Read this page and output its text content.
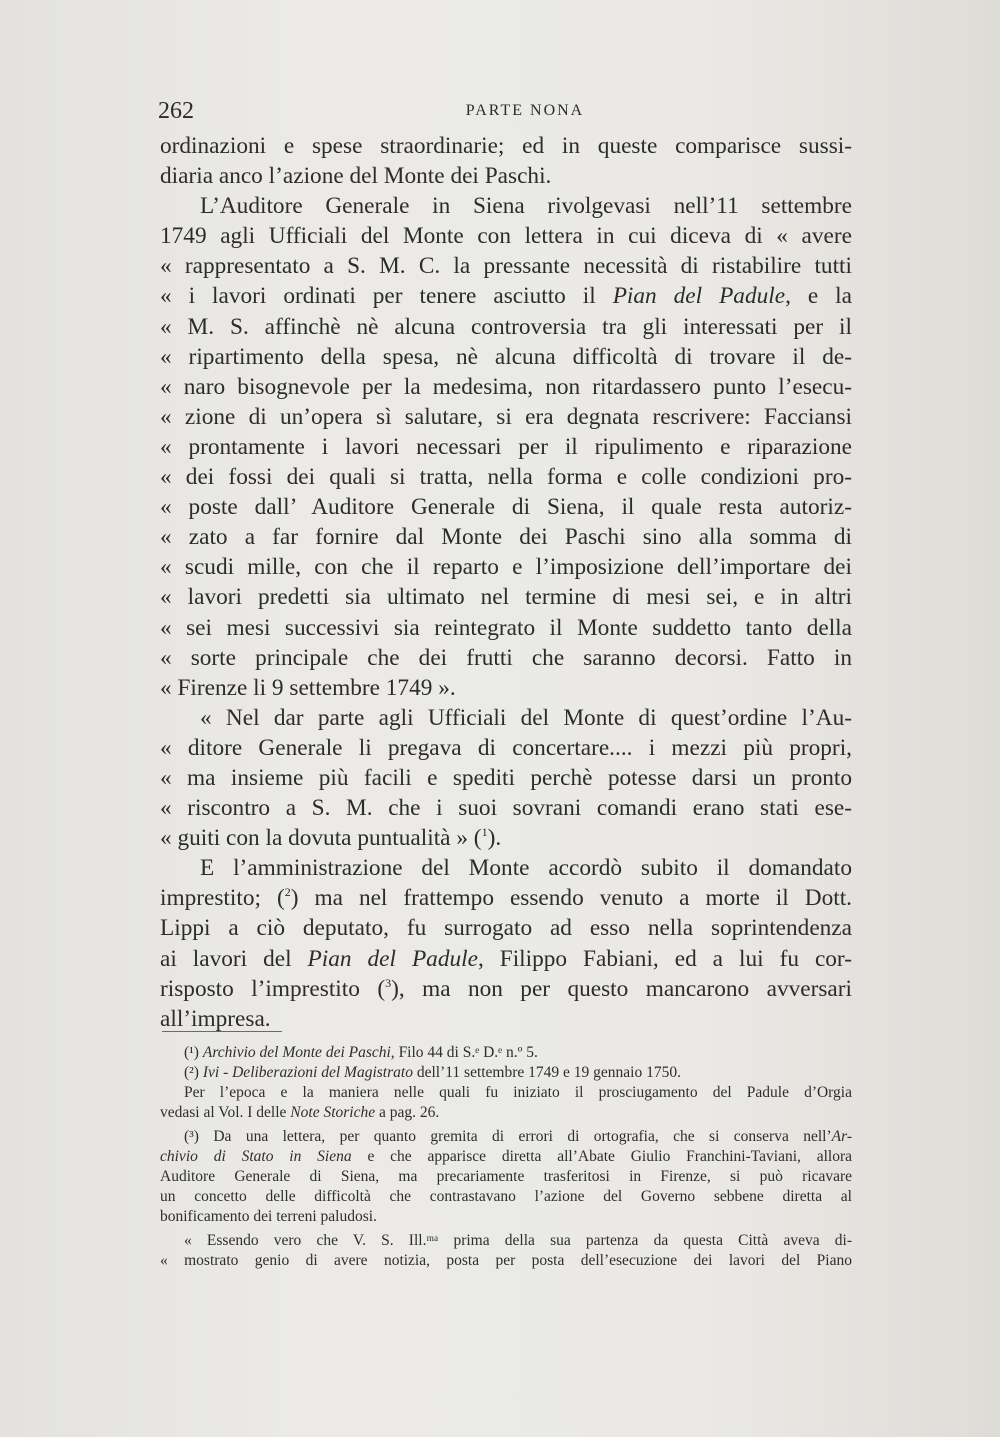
262	PARTE NONA
ordinazioni e spese straordinarie; ed in queste comparisce sussi-
diaria anco l’azione del Monte dei Paschi.
L’Auditore Generale in Siena rivolgevasi nell’11 settembre
1749 agli Ufficiali del Monte con lettera in cui diceva di « avere
« rappresentato a S. M. C. la pressante necessità di ristabilire tutti
« i lavori ordinati per tenere asciutto il Pian del Padule, e la
« M. S. affinchè nè alcuna controversia tra gli interessati per il
« ripartimento della spesa, nè alcuna difficoltà di trovare il de-
« naro bisognevole per la medesima, non ritardassero punto l’esecu-
« zione di un’opera sì salutare, si era degnata rescrivere: Facciansi
« prontamente i lavori necessari per il ripulimento e riparazione
« dei fossi dei quali si tratta, nella forma e colle condizioni pro-
« poste dall’ Auditore Generale di Siena, il quale resta autoriz-
« zato a far fornire dal Monte dei Paschi sino alla somma di
« scudi mille, con che il reparto e l’imposizione dell’importare dei
« lavori predetti sia ultimato nel termine di mesi sei, e in altri
« sei mesi successivi sia reintegrato il Monte suddetto tanto della
« sorte principale che dei frutti che saranno decorsi. Fatto in
« Firenze li 9 settembre 1749 ».
« Nel dar parte agli Ufficiali del Monte di quest’ordine l’Au-
« ditore Generale li pregava di concertare.... i mezzi più propri,
« ma insieme più facili e spediti perchè potesse darsi un pronto
« riscontro a S. M. che i suoi sovrani comandi erano stati ese-
« guiti con la dovuta puntualità » ($^1$).
E l’amministrazione del Monte accordò subito il domandato
imprestito; ($^2$) ma nel frattempo essendo venuto a morte il Dott.
Lippi a ciò deputato, fu surrogato ad esso nella soprintendenza
ai lavori del Pian del Padule, Filippo Fabiani, ed a lui fu cor-
risposto l’imprestito ($^3$), ma non per questo mancarono avversari
all’impresa.
(¹) Archivio del Monte dei Paschi, Filo 44 di S.ᵉ D.ᵉ n.º 5.
(²) Ivi - Deliberazioni del Magistrato dell’11 settembre 1749 e 19 gennaio 1750.
Per l’epoca e la maniera nelle quali fu iniziato il prosciugamento del Padule d’Orgia
vedasi al Vol. I delle Note Storiche a pag. 26.
(³) Da una lettera, per quanto gremita di errori di ortografia, che si conserva nell’Ar-
chivio di Stato in Siena e che apparisce diretta all’Abate Giulio Franchini-Taviani, allora
Auditore Generale di Siena, ma precariamente trasferitosi in Firenze, si può ricavare
un concetto delle difficoltà che contrastavano l’azione del Governo sebbene diretta al
bonificamento dei terreni paludosi.
« Essendo vero che V. S. Ill.ᵐᵃ prima della sua partenza da questa Città aveva di-
« mostrato genio di avere notizia, posta per posta dell’esecuzione dei lavori del Piano
